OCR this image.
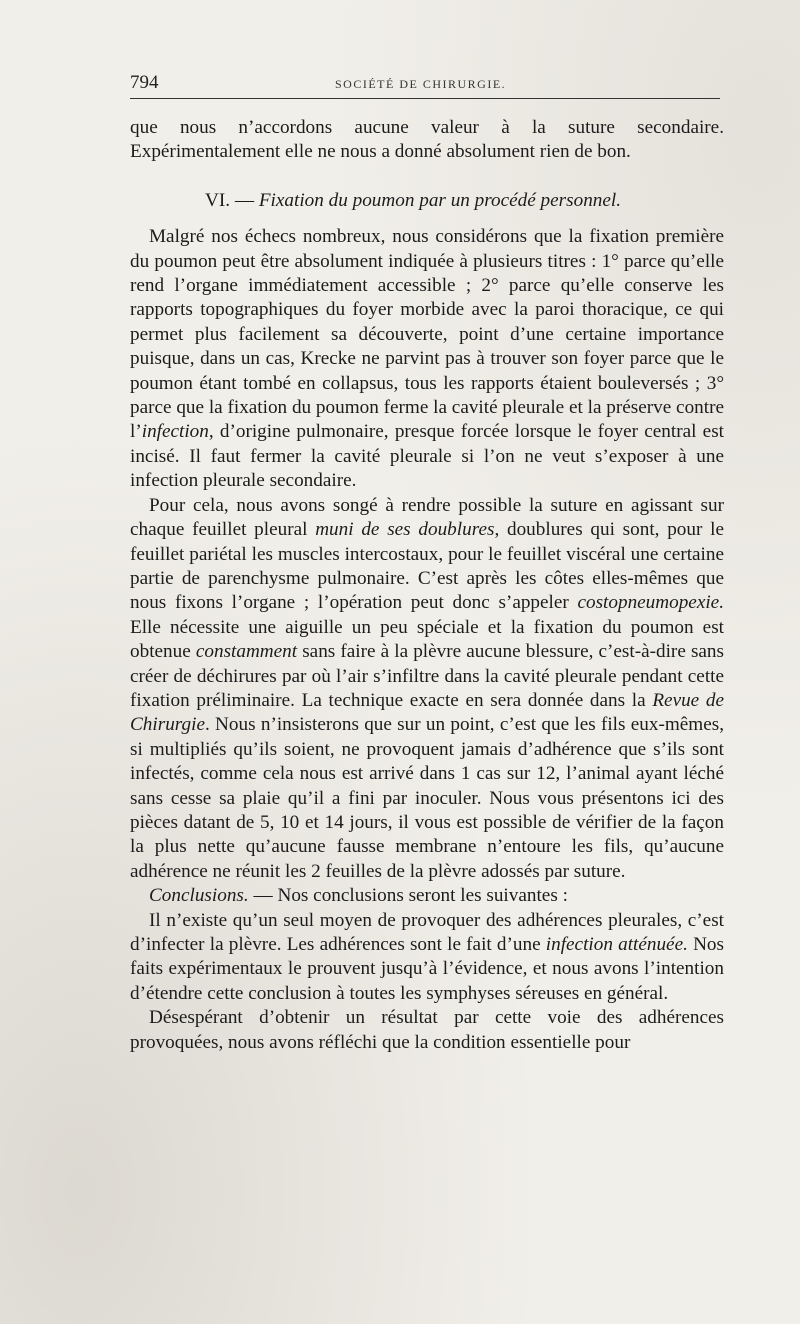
794	SOCIÉTÉ DE CHIRURGIE.

que nous n’accordons aucune valeur à la suture secondaire. Expérimentalement elle ne nous a donné absolument rien de bon.

VI. — Fixation du poumon par un procédé personnel.

Malgré nos échecs nombreux, nous considérons que la fixation première du poumon peut être absolument indiquée à plusieurs titres : 1° parce qu’elle rend l’organe immédiatement accessible ; 2° parce qu’elle conserve les rapports topographiques du foyer morbide avec la paroi thoracique, ce qui permet plus facilement sa découverte, point d’une certaine importance puisque, dans un cas, Krecke ne parvint pas à trouver son foyer parce que le poumon étant tombé en collapsus, tous les rapports étaient bouleversés ; 3° parce que la fixation du poumon ferme la cavité pleurale et la préserve contre l’infection, d’origine pulmonaire, presque forcée lorsque le foyer central est incisé. Il faut fermer la cavité pleurale si l’on ne veut s’exposer à une infection pleurale secondaire.

Pour cela, nous avons songé à rendre possible la suture en agissant sur chaque feuillet pleural muni de ses doublures, doublures qui sont, pour le feuillet pariétal les muscles intercostaux, pour le feuillet viscéral une certaine partie de parenchysme pulmonaire. C’est après les côtes elles-mêmes que nous fixons l’organe ; l’opération peut donc s’appeler costopneumopexie. Elle nécessite une aiguille un peu spéciale et la fixation du poumon est obtenue constamment sans faire à la plèvre aucune blessure, c’est-à-dire sans créer de déchirures par où l’air s’infiltre dans la cavité pleurale pendant cette fixation préliminaire. La technique exacte en sera donnée dans la Revue de Chirurgie. Nous n’insisterons que sur un point, c’est que les fils eux-mêmes, si multipliés qu’ils soient, ne provoquent jamais d’adhérence que s’ils sont infectés, comme cela nous est arrivé dans 1 cas sur 12, l’animal ayant léché sans cesse sa plaie qu’il a fini par inoculer. Nous vous présentons ici des pièces datant de 5, 10 et 14 jours, il vous est possible de vérifier de la façon la plus nette qu’aucune fausse membrane n’entoure les fils, qu’aucune adhérence ne réunit les 2 feuilles de la plèvre adossés par suture.

Conclusions. — Nos conclusions seront les suivantes :

Il n’existe qu’un seul moyen de provoquer des adhérences pleurales, c’est d’infecter la plèvre. Les adhérences sont le fait d’une infection atténuée. Nos faits expérimentaux le prouvent jusqu’à l’évidence, et nous avons l’intention d’étendre cette conclusion à toutes les symphyses séreuses en général.

Désespérant d’obtenir un résultat par cette voie des adhérences provoquées, nous avons réfléchi que la condition essentielle pour
